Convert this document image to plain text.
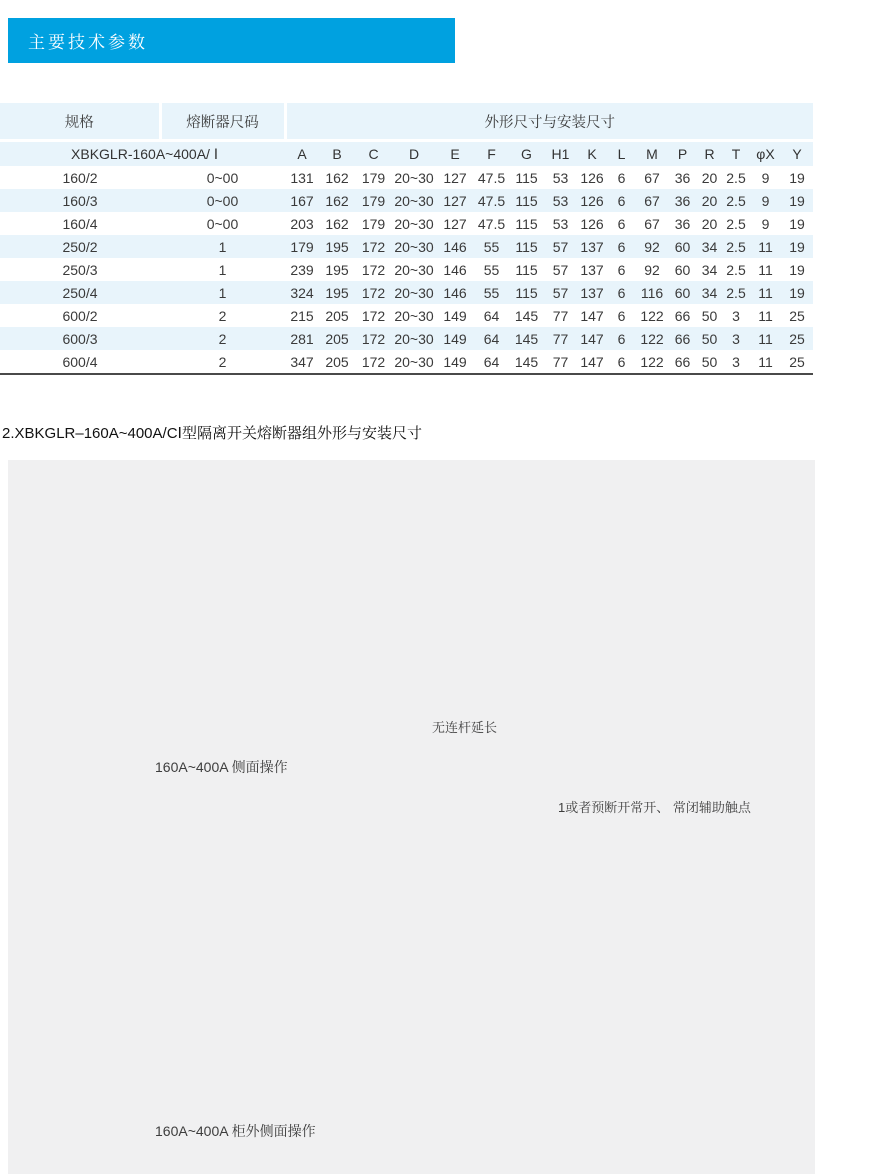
主要技术参数
规格	熔断器尺码	外形尺寸与安装尺寸															
XBKGLR-160A~400A/ Ⅰ		A	B	C	D	E	F	G	H1	K	L	M	P	R	T	φX	Y
160/2	0~00	131	162	179	20~30	127	47.5	115	53	126	6	67	36	20	2.5	9	19
160/3	0~00	167	162	179	20~30	127	47.5	115	53	126	6	67	36	20	2.5	9	19
160/4	0~00	203	162	179	20~30	127	47.5	115	53	126	6	67	36	20	2.5	9	19
250/2	1	179	195	172	20~30	146	55	115	57	137	6	92	60	34	2.5	11	19
250/3	1	239	195	172	20~30	146	55	115	57	137	6	92	60	34	2.5	11	19
250/4	1	324	195	172	20~30	146	55	115	57	137	6	116	60	34	2.5	11	19
600/2	2	215	205	172	20~30	149	64	145	77	147	6	122	66	50	3	11	25
600/3	2	281	205	172	20~30	149	64	145	77	147	6	122	66	50	3	11	25
600/4	2	347	205	172	20~30	149	64	145	77	147	6	122	66	50	3	11	25

2.XBKGLR–160A~400A/CⅠ型隔离开关熔断器组外形与安装尺寸

无连杆延长
160A~400A 侧面操作
1或者预断开常开、 常闭辅助触点
160A~400A 柜外侧面操作
